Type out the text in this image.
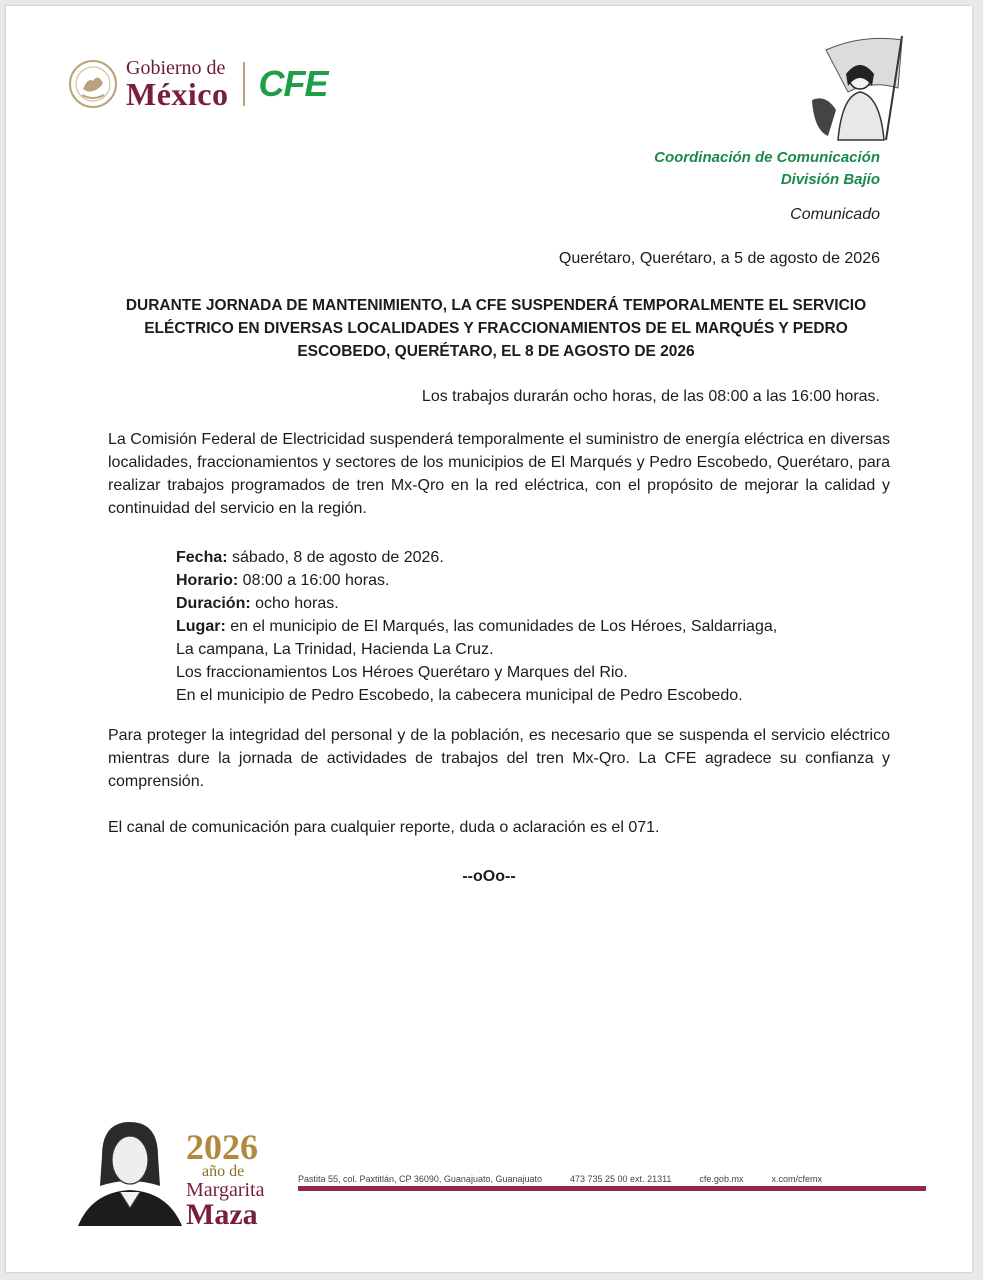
Gobierno de
México CFE
Coordinación de Comunicación
División Bajío
Comunicado
Querétaro, Querétaro, a 5 de agosto de 2026
DURANTE JORNADA DE MANTENIMIENTO, LA CFE SUSPENDERÁ TEMPORALMENTE EL SERVICIO ELÉCTRICO EN DIVERSAS LOCALIDADES Y FRACCIONAMIENTOS DE EL MARQUÉS Y PEDRO ESCOBEDO, QUERÉTARO, EL 8 DE AGOSTO DE 2026
Los trabajos durarán ocho horas, de las 08:00 a las 16:00 horas.
La Comisión Federal de Electricidad suspenderá temporalmente el suministro de energía eléctrica en diversas localidades, fraccionamientos y sectores de los municipios de El Marqués y Pedro Escobedo, Querétaro, para realizar trabajos programados de tren Mx-Qro en la red eléctrica, con el propósito de mejorar la calidad y continuidad del servicio en la región.
Fecha: sábado, 8 de agosto de 2026.
Horario: 08:00 a 16:00 horas.
Duración: ocho horas.
Lugar: en el municipio de El Marqués, las comunidades de Los Héroes, Saldarriaga,
La campana, La Trinidad, Hacienda La Cruz.
Los fraccionamientos Los Héroes Querétaro y Marques del Rio.
En el municipio de Pedro Escobedo, la cabecera municipal de Pedro Escobedo.
Para proteger la integridad del personal y de la población, es necesario que se suspenda el servicio eléctrico mientras dure la jornada de actividades de trabajos del tren Mx-Qro. La CFE agradece su confianza y comprensión.
El canal de comunicación para cualquier reporte, duda o aclaración es el 071.
--oOo--
2026
año de
Margarita
Maza
Pastita 55, col. Paxtitlán, CP 36090, Guanajuato, Guanajuato	473 735 25 00 ext. 21311	cfe.gob.mx	x.com/cfemx
